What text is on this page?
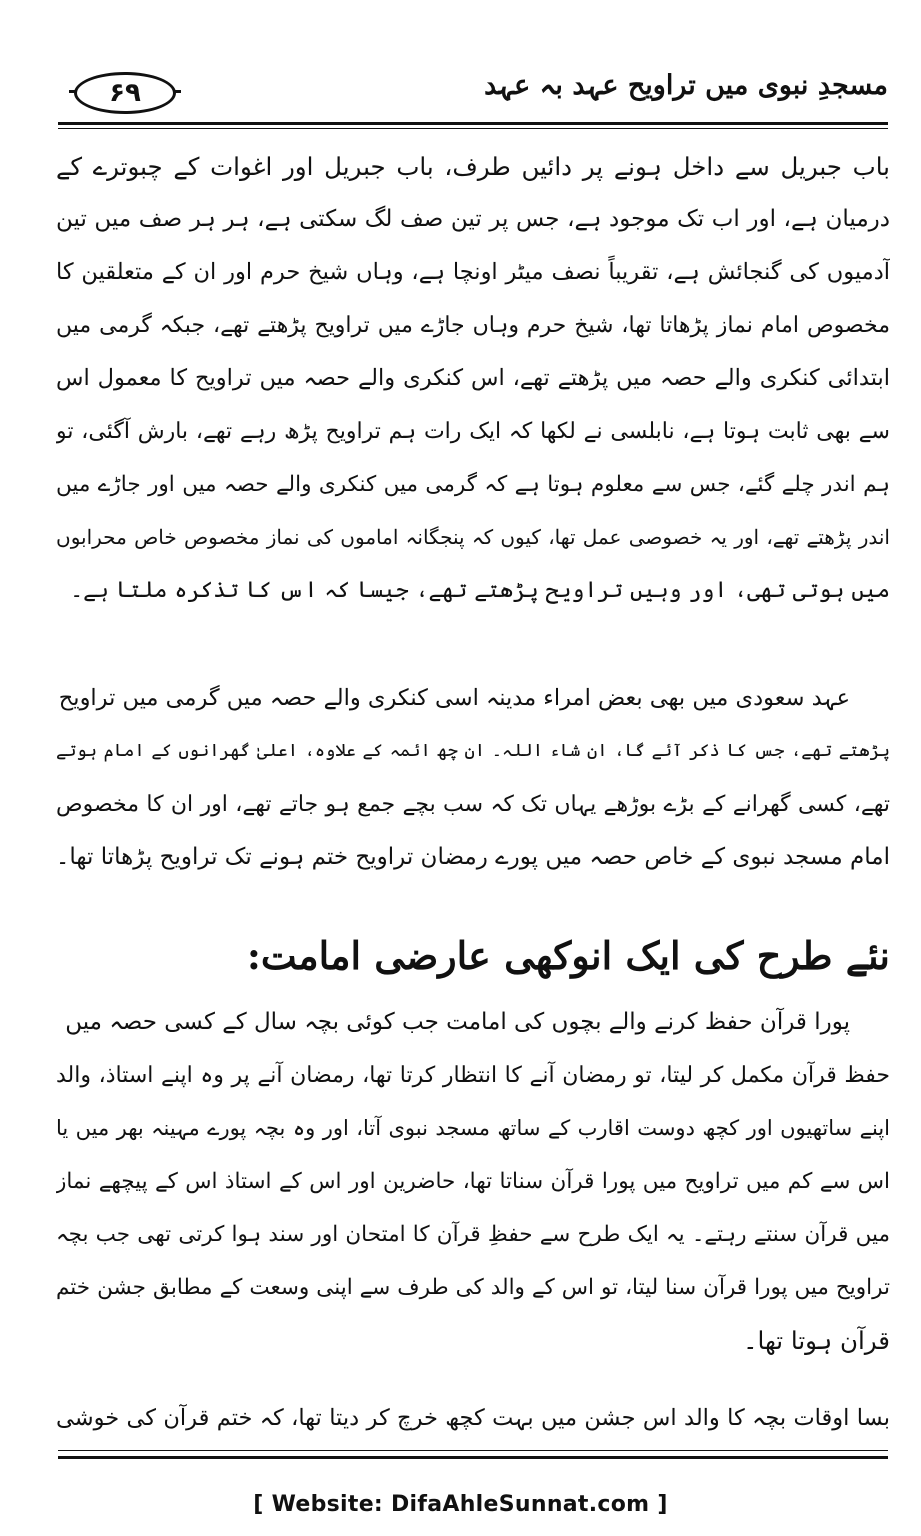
۶۹	مسجدِ نبوی میں تراویح عہد بہ عہد
باب جبریل سے داخل ہونے پر دائیں طرف، باب جبریل اور اغوات کے چبوترے کے
درمیان ہے، اور اب تک موجود ہے، جس پر تین صف لگ سکتی ہے، ہر ہر صف میں تین
آدمیوں کی گنجائش ہے، تقریباً نصف میٹر اونچا ہے، وہاں شیخ حرم اور ان کے متعلقین کا
مخصوص امام نماز پڑھاتا تھا، شیخ حرم وہاں جاڑے میں تراویح پڑھتے تھے، جبکہ گرمی میں
ابتدائی کنکری والے حصہ میں پڑھتے تھے، اس کنکری والے حصہ میں تراویح کا معمول اس
سے بھی ثابت ہوتا ہے، نابلسی نے لکھا کہ ایک رات ہم تراویح پڑھ رہے تھے، بارش آگئی، تو
ہم اندر چلے گئے، جس سے معلوم ہوتا ہے کہ گرمی میں کنکری والے حصہ میں اور جاڑے میں
اندر پڑھتے تھے، اور یہ خصوصی عمل تھا، کیوں کہ پنجگانہ اماموں کی نماز مخصوص خاص محرابوں
میں ہوتی تھی، اور وہیں تراویح پڑھتے تھے، جیسا کہ اس کا تذکرہ ملتا ہے۔
عہد سعودی میں بھی بعض امراء مدینہ اسی کنکری والے حصہ میں گرمی میں تراویح
پڑھتے تھے، جس کا ذکر آئے گا، ان شاء اللہ۔ ان چھ ائمہ کے علاوہ، اعلیٰ گھرانوں کے امام ہوتے
تھے، کسی گھرانے کے بڑے بوڑھے یہاں تک کہ سب بچے جمع ہو جاتے تھے، اور ان کا مخصوص
امام مسجد نبوی کے خاص حصہ میں پورے رمضان تراویح ختم ہونے تک تراویح پڑھاتا تھا۔
نئے طرح کی ایک انوکھی عارضی امامت:
پورا قرآن حفظ کرنے والے بچوں کی امامت جب کوئی بچہ سال کے کسی حصہ میں
حفظ قرآن مکمل کر لیتا، تو رمضان آنے کا انتظار کرتا تھا، رمضان آنے پر وہ اپنے استاذ، والد
اپنے ساتھیوں اور کچھ دوست اقارب کے ساتھ مسجد نبوی آتا، اور وہ بچہ پورے مہینہ بھر میں یا
اس سے کم میں تراویح میں پورا قرآن سناتا تھا، حاضرین اور اس کے استاذ اس کے پیچھے نماز
میں قرآن سنتے رہتے۔ یہ ایک طرح سے حفظِ قرآن کا امتحان اور سند ہوا کرتی تھی جب بچہ
تراویح میں پورا قرآن سنا لیتا، تو اس کے والد کی طرف سے اپنی وسعت کے مطابق جشن ختم
قرآن ہوتا تھا۔
بسا اوقات بچہ کا والد اس جشن میں بہت کچھ خرچ کر دیتا تھا، کہ ختم قرآن کی خوشی
[ Website: DifaAhleSunnat.com ]
